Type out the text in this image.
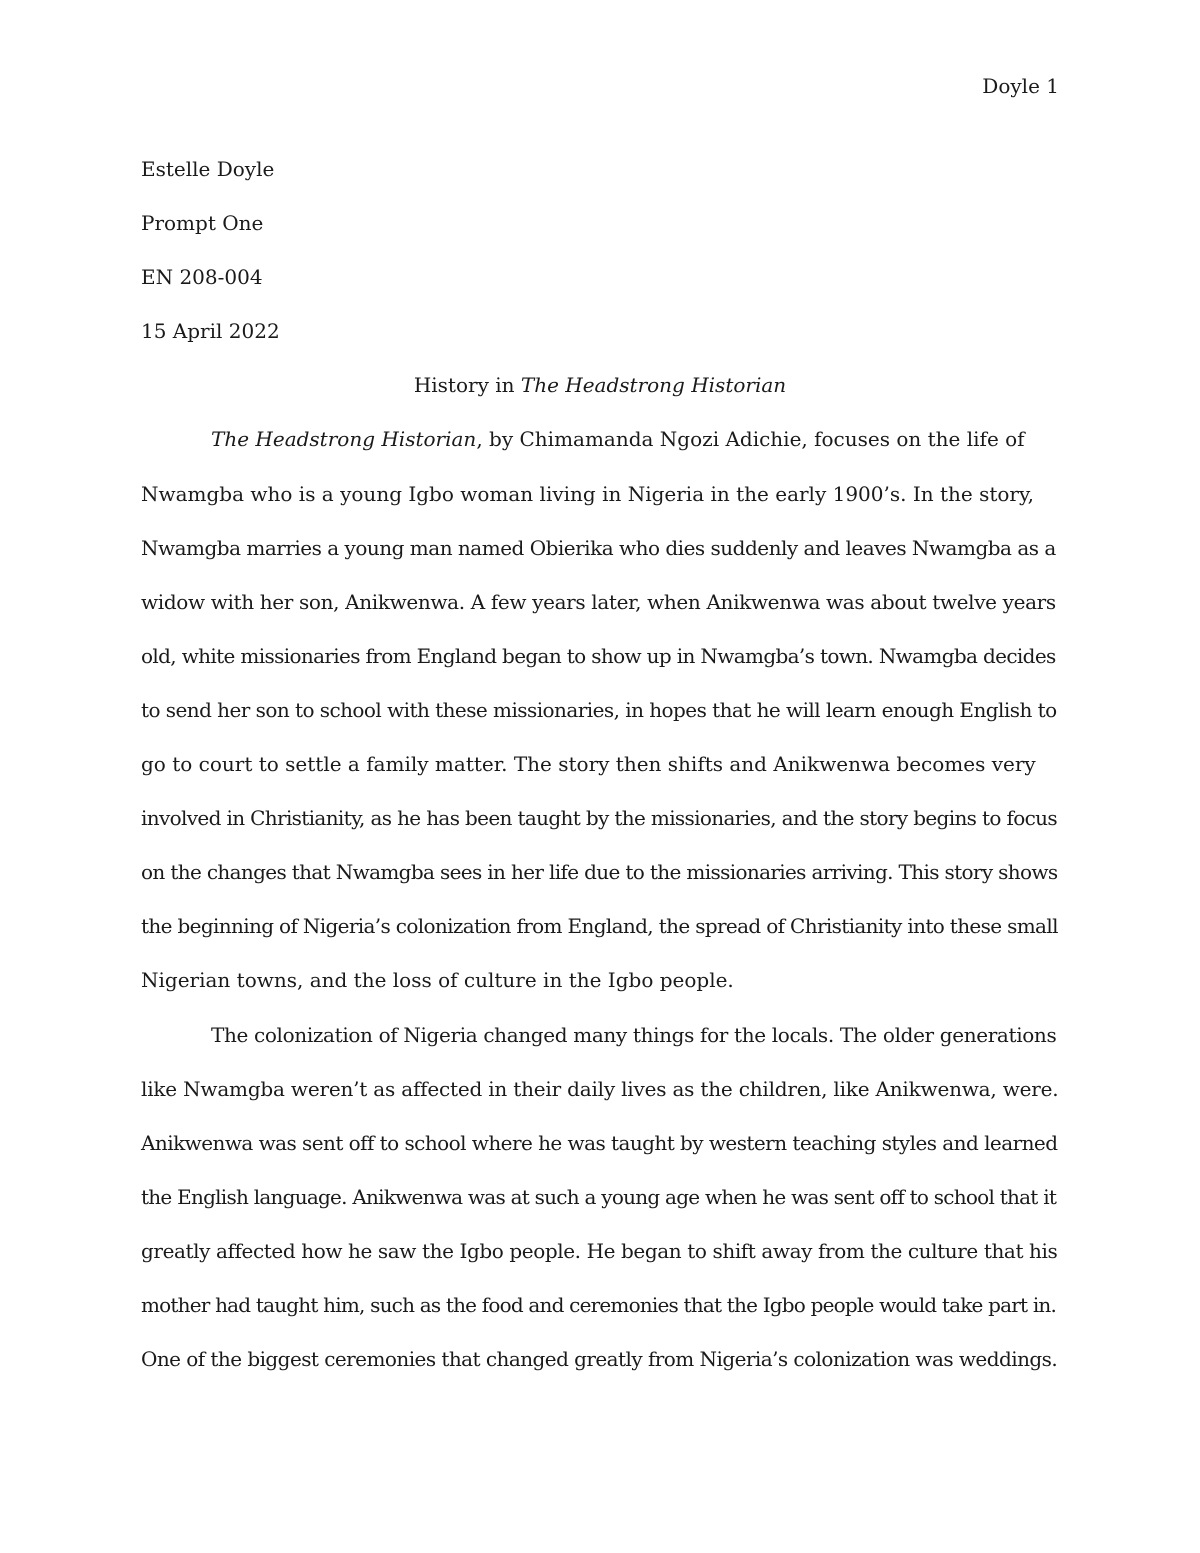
Doyle 1

Estelle Doyle

Prompt One

EN 208-004

15 April 2022

History in The Headstrong Historian

The Headstrong Historian, by Chimamanda Ngozi Adichie, focuses on the life of
Nwamgba who is a young Igbo woman living in Nigeria in the early 1900’s. In the story,
Nwamgba marries a young man named Obierika who dies suddenly and leaves Nwamgba as a
widow with her son, Anikwenwa. A few years later, when Anikwenwa was about twelve years
old, white missionaries from England began to show up in Nwamgba’s town. Nwamgba decides
to send her son to school with these missionaries, in hopes that he will learn enough English to
go to court to settle a family matter. The story then shifts and Anikwenwa becomes very
involved in Christianity, as he has been taught by the missionaries, and the story begins to focus
on the changes that Nwamgba sees in her life due to the missionaries arriving. This story shows
the beginning of Nigeria’s colonization from England, the spread of Christianity into these small
Nigerian towns, and the loss of culture in the Igbo people.

The colonization of Nigeria changed many things for the locals. The older generations
like Nwamgba weren’t as affected in their daily lives as the children, like Anikwenwa, were.
Anikwenwa was sent off to school where he was taught by western teaching styles and learned
the English language. Anikwenwa was at such a young age when he was sent off to school that it
greatly affected how he saw the Igbo people. He began to shift away from the culture that his
mother had taught him, such as the food and ceremonies that the Igbo people would take part in.
One of the biggest ceremonies that changed greatly from Nigeria’s colonization was weddings.
